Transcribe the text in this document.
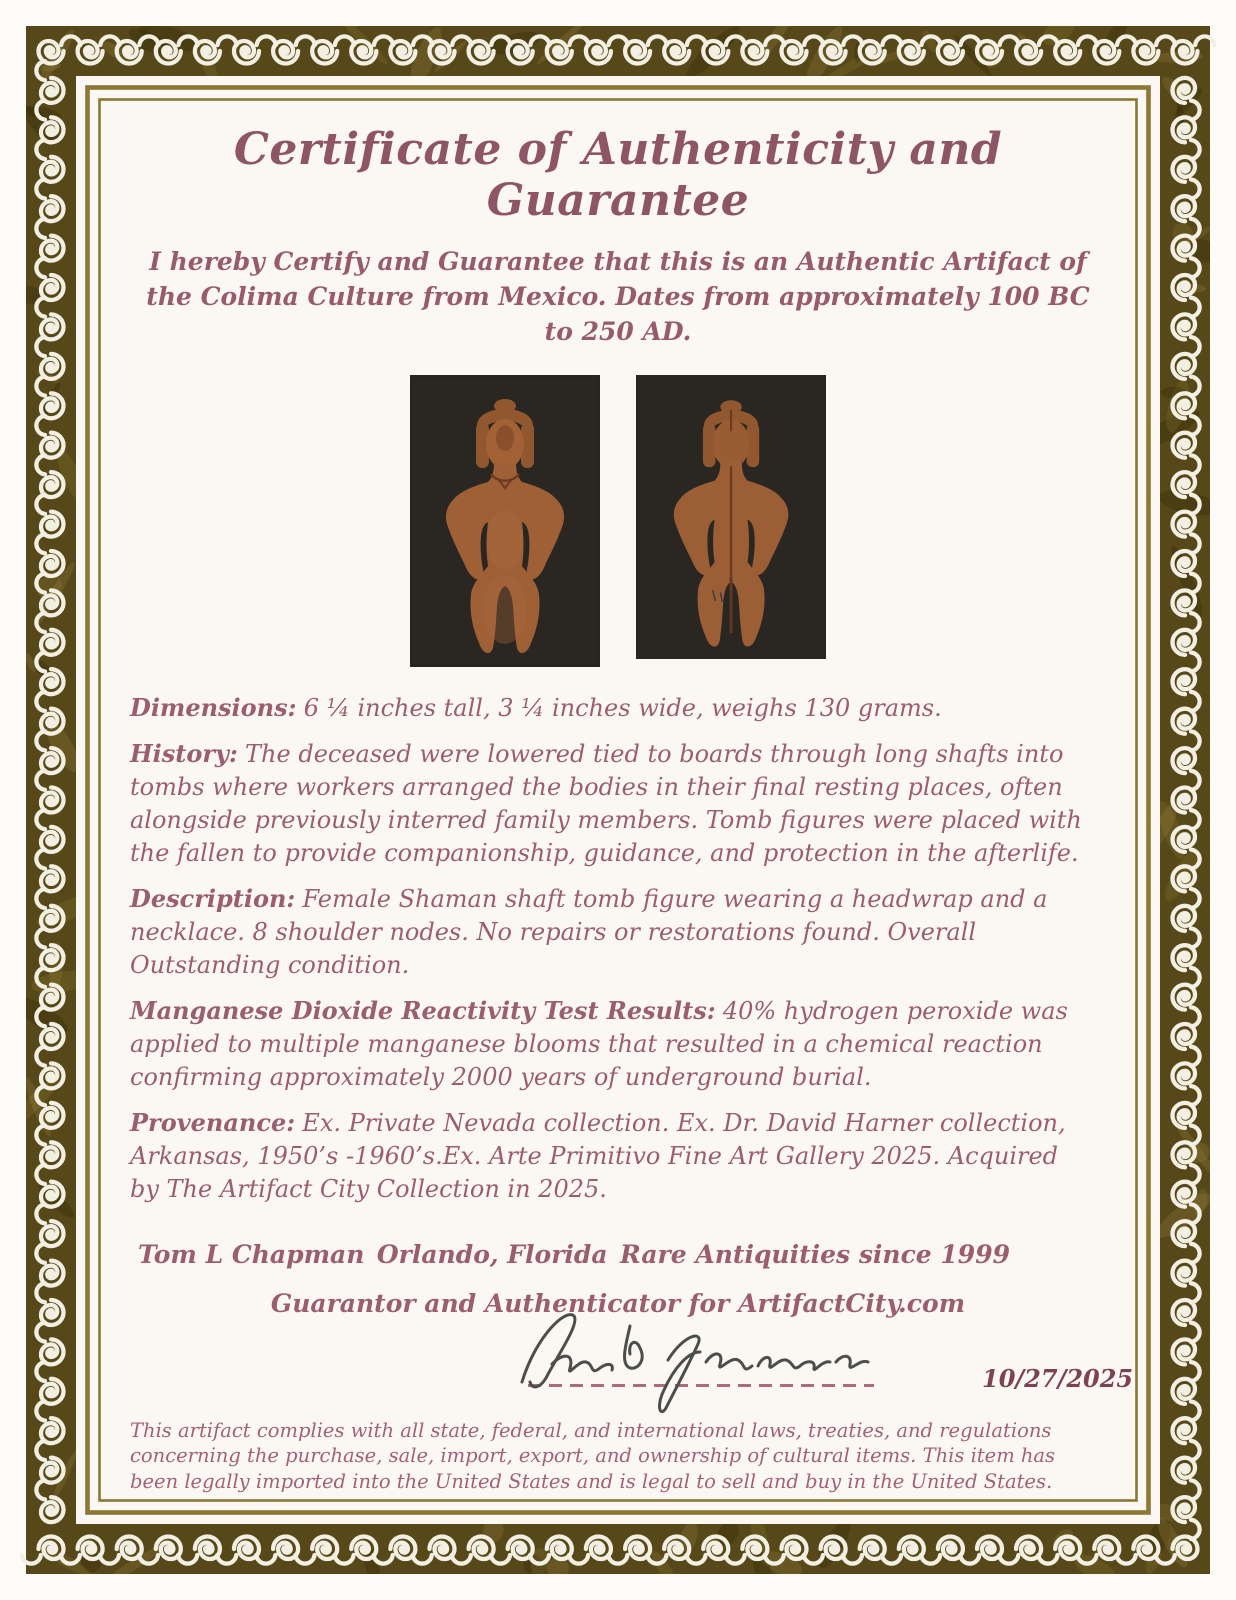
Certificate of Authenticity and Guarantee

I hereby Certify and Guarantee that this is an Authentic Artifact of the Colima Culture from Mexico. Dates from approximately 100 BC to 250 AD.

Dimensions: 6 ¼ inches tall, 3 ¼ inches wide, weighs 130 grams.

History: The deceased were lowered tied to boards through long shafts into tombs where workers arranged the bodies in their final resting places, often alongside previously interred family members. Tomb figures were placed with the fallen to provide companionship, guidance, and protection in the afterlife.

Description: Female Shaman shaft tomb figure wearing a headwrap and a necklace. 8 shoulder nodes. No repairs or restorations found. Overall Outstanding condition.

Manganese Dioxide Reactivity Test Results: 40% hydrogen peroxide was applied to multiple manganese blooms that resulted in a chemical reaction confirming approximately 2000 years of underground burial.

Provenance: Ex. Private Nevada collection. Ex. Dr. David Harner collection, Arkansas, 1950’s -1960’s.Ex. Arte Primitivo Fine Art Gallery 2025. Acquired by The Artifact City Collection in 2025.

Tom L Chapman Orlando, Florida Rare Antiquities since 1999

Guarantor and Authenticator for ArtifactCity.com

10/27/2025

This artifact complies with all state, federal, and international laws, treaties, and regulations concerning the purchase, sale, import, export, and ownership of cultural items. This item has been legally imported into the United States and is legal to sell and buy in the United States.
